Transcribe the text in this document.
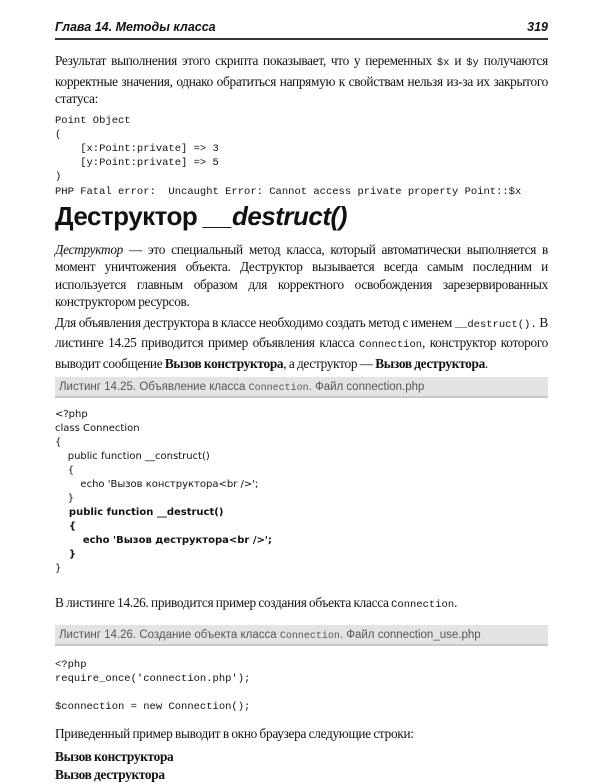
Глава 14. Методы класса	319

Результат выполнения этого скрипта показывает, что у переменных $x и $y получаются корректные значения, однако обратиться напрямую к свойствам нельзя из-за их закрытого статуса:

Point Object
(
[x:Point:private] => 3
[y:Point:private] => 5
)
PHP Fatal error:  Uncaught Error: Cannot access private property Point::$x
Деструктор __destruct()

Деструктор — это специальный метод класса, который автоматически выполняется в момент уничтожения объекта. Деструктор вызывается всегда самым последним и используется главным образом для корректного освобождения зарезервированных конструктором ресурсов.

Для объявления деструктора в классе необходимо создать метод с именем __destruct(). В листинге 14.25 приводится пример объявления класса Connection, конструктор которого выводит сообщение Вызов конструктора, а деструктор — Вызов деструктора.

Листинг 14.25. Объявление класса Connection. Файл connection.php
<?php
class Connection
{
public function __construct()
{
echo 'Вызов конструктора<br />';
}
public function __destruct()
{
echo 'Вызов деструктора<br />';
}
}

В листинге 14.26. приводится пример создания объекта класса Connection.

Листинг 14.26. Создание объекта класса Connection. Файл connection_use.php
<?php
require_once('connection.php');

$connection = new Connection();

Приведенный пример выводит в окно браузера следующие строки:

Вызов конструктора

Вызов деструктора
